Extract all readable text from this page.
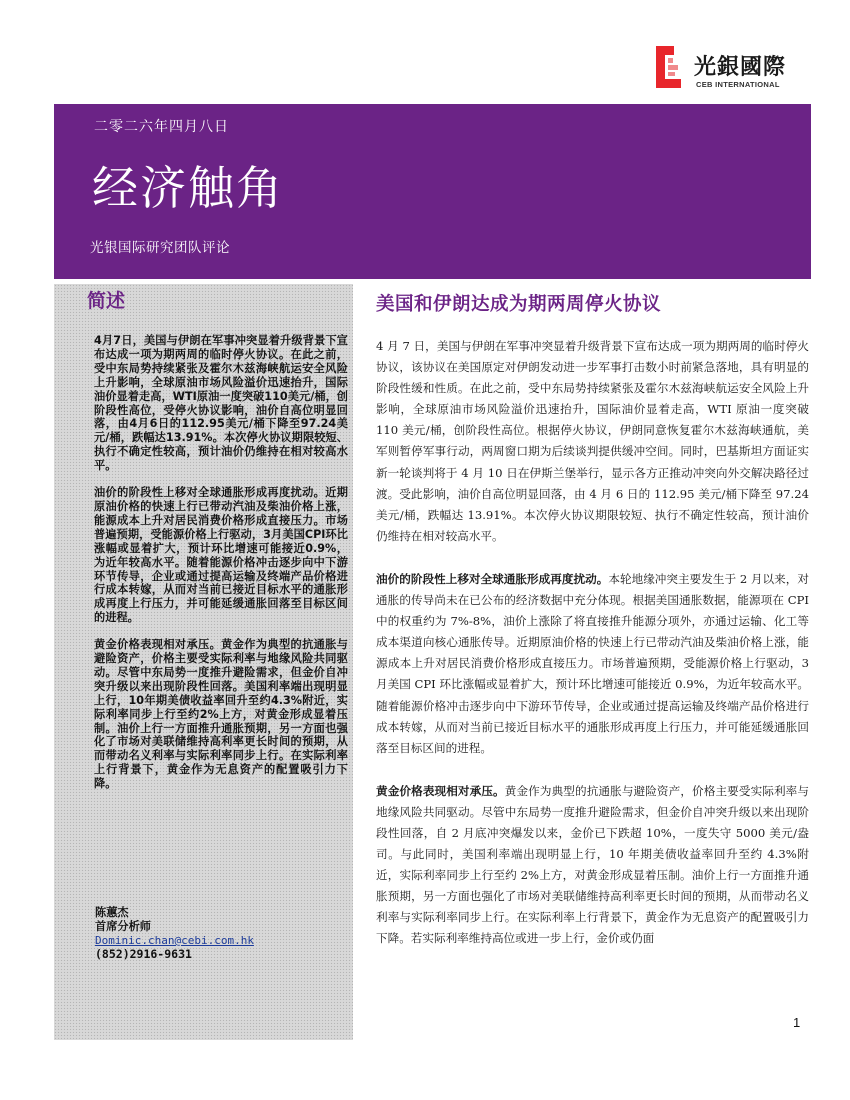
光銀國際
CEB INTERNATIONAL
二零二六年四月八日
经济触角
光银国际研究团队评论
简述

4月7日，美国与伊朗在军事冲突显着升级背景下宣布达成一项为期两周的临时停火协议。在此之前，受中东局势持续紧张及霍尔木兹海峡航运安全风险上升影响，全球原油市场风险溢价迅速抬升，国际油价显着走高，WTI原油一度突破110美元/桶，创阶段性高位，受停火协议影响，油价自高位明显回落，由4月6日的112.95美元/桶下降至97.24美元/桶，跌幅达13.91%。本次停火协议期限较短、执行不确定性较高，预计油价仍维持在相对较高水平。

油价的阶段性上移对全球通胀形成再度扰动。近期原油价格的快速上行已带动汽油及柴油价格上涨，能源成本上升对居民消费价格形成直接压力。市场普遍预期，受能源价格上行驱动，3月美国CPI环比涨幅或显着扩大，预计环比增速可能接近0.9%，为近年较高水平。随着能源价格冲击逐步向中下游环节传导，企业或通过提高运输及终端产品价格进行成本转嫁，从而对当前已接近目标水平的通胀形成再度上行压力，并可能延缓通胀回落至目标区间的进程。

黄金价格表现相对承压。黄金作为典型的抗通胀与避险资产，价格主要受实际利率与地缘风险共同驱动。尽管中东局势一度推升避险需求，但金价自冲突升级以来出现阶段性回落。美国利率端出现明显上行，10年期美债收益率回升至约4.3%附近，实际利率同步上行至约2%上方，对黄金形成显着压制。油价上行一方面推升通胀预期，另一方面也强化了市场对美联储维持高利率更长时间的预期，从而带动名义利率与实际利率同步上行。在实际利率上行背景下，黄金作为无息资产的配置吸引力下降。

陈蕙杰
首席分析师
Dominic.chan@cebi.com.hk
(852)2916-9631
美国和伊朗达成为期两周停火协议

4 月 7 日，美国与伊朗在军事冲突显着升级背景下宣布达成一项为期两周的临时停火协议，该协议在美国原定对伊朗发动进一步军事打击数小时前紧急落地，具有明显的阶段性缓和性质。在此之前，受中东局势持续紧张及霍尔木兹海峡航运安全风险上升影响，全球原油市场风险溢价迅速抬升，国际油价显着走高，WTI 原油一度突破 110 美元/桶，创阶段性高位。根据停火协议，伊朗同意恢复霍尔木兹海峡通航，美军则暂停军事行动，两周窗口期为后续谈判提供缓冲空间。同时，巴基斯坦方面证实新一轮谈判将于 4 月 10 日在伊斯兰堡举行，显示各方正推动冲突向外交解决路径过渡。受此影响，油价自高位明显回落，由 4 月 6 日的 112.95 美元/桶下降至 97.24 美元/桶，跌幅达 13.91%。本次停火协议期限较短、执行不确定性较高，预计油价仍维持在相对较高水平。

油价的阶段性上移对全球通胀形成再度扰动。本轮地缘冲突主要发生于 2 月以来，对通胀的传导尚未在已公布的经济数据中充分体现。根据美国通胀数据，能源项在 CPI 中的权重约为 7%-8%，油价上涨除了将直接推升能源分项外，亦通过运输、化工等成本渠道向核心通胀传导。近期原油价格的快速上行已带动汽油及柴油价格上涨，能源成本上升对居民消费价格形成直接压力。市场普遍预期，受能源价格上行驱动，3 月美国 CPI 环比涨幅或显着扩大，预计环比增速可能接近 0.9%，为近年较高水平。随着能源价格冲击逐步向中下游环节传导，企业或通过提高运输及终端产品价格进行成本转嫁，从而对当前已接近目标水平的通胀形成再度上行压力，并可能延缓通胀回落至目标区间的进程。

黄金价格表现相对承压。黄金作为典型的抗通胀与避险资产，价格主要受实际利率与地缘风险共同驱动。尽管中东局势一度推升避险需求，但金价自冲突升级以来出现阶段性回落，自 2 月底冲突爆发以来，金价已下跌超 10%，一度失守 5000 美元/盎司。与此同时，美国利率端出现明显上行，10 年期美债收益率回升至约 4.3%附近，实际利率同步上行至约 2%上方，对黄金形成显着压制。油价上行一方面推升通胀预期，另一方面也强化了市场对美联储维持高利率更长时间的预期，从而带动名义利率与实际利率同步上行。在实际利率上行背景下，黄金作为无息资产的配置吸引力下降。若实际利率维持高位或进一步上行，金价或仍面

1
